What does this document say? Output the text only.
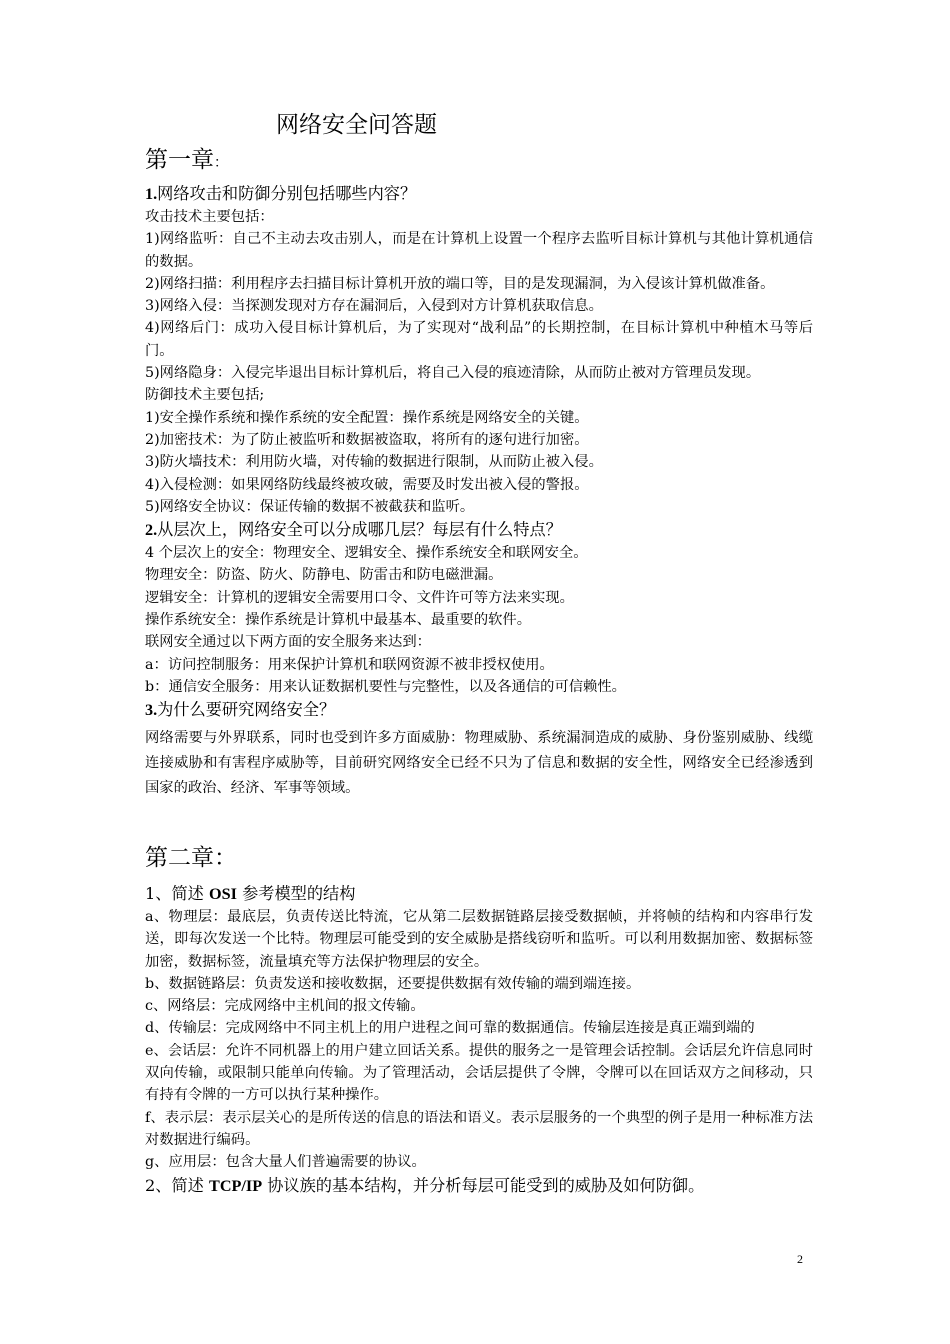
网络安全问答题
第一章：

1.网络攻击和防御分别包括哪些内容？

攻击技术主要包括：

1)网络监听：自己不主动去攻击别人，而是在计算机上设置一个程序去监听目标计算机与其他计算机通信的数据。

2)网络扫描：利用程序去扫描目标计算机开放的端口等，目的是发现漏洞，为入侵该计算机做准备。

3)网络入侵：当探测发现对方存在漏洞后，入侵到对方计算机获取信息。

4)网络后门：成功入侵目标计算机后，为了实现对“战利品”的长期控制，在目标计算机中种植木马等后门。

5)网络隐身：入侵完毕退出目标计算机后，将自己入侵的痕迹清除，从而防止被对方管理员发现。

防御技术主要包括;

1)安全操作系统和操作系统的安全配置：操作系统是网络安全的关键。

2)加密技术：为了防止被监听和数据被盗取，将所有的逐句进行加密。

3)防火墙技术：利用防火墙，对传输的数据进行限制，从而防止被入侵。

4)入侵检测：如果网络防线最终被攻破，需要及时发出被入侵的警报。

5)网络安全协议：保证传输的数据不被截获和监听。

2.从层次上，网络安全可以分成哪几层？每层有什么特点？

4 个层次上的安全：物理安全、逻辑安全、操作系统安全和联网安全。

物理安全：防盗、防火、防静电、防雷击和防电磁泄漏。

逻辑安全：计算机的逻辑安全需要用口令、文件许可等方法来实现。

操作系统安全：操作系统是计算机中最基本、最重要的软件。

联网安全通过以下两方面的安全服务来达到：

a：访问控制服务：用来保护计算机和联网资源不被非授权使用。

b：通信安全服务：用来认证数据机要性与完整性，以及各通信的可信赖性。

3.为什么要研究网络安全？

网络需要与外界联系，同时也受到许多方面威胁：物理威胁、系统漏洞造成的威胁、身份鉴别威胁、线缆连接威胁和有害程序威胁等，目前研究网络安全已经不只为了信息和数据的安全性，网络安全已经渗透到国家的政治、经济、军事等领域。

第二章：

1、简述 OSI 参考模型的结构

a、物理层：最底层，负责传送比特流，它从第二层数据链路层接受数据帧，并将帧的结构和内容串行发送，即每次发送一个比特。物理层可能受到的安全威胁是搭线窃听和监听。可以利用数据加密、数据标签加密，数据标签，流量填充等方法保护物理层的安全。

b、数据链路层：负责发送和接收数据，还要提供数据有效传输的端到端连接。

c、网络层：完成网络中主机间的报文传输。

d、传输层：完成网络中不同主机上的用户进程之间可靠的数据通信。传输层连接是真正端到端的

e、会话层：允许不同机器上的用户建立回话关系。提供的服务之一是管理会话控制。会话层允许信息同时双向传输，或限制只能单向传输。为了管理活动，会话层提供了令牌，令牌可以在回话双方之间移动，只有持有令牌的一方可以执行某种操作。

f、表示层：表示层关心的是所传送的信息的语法和语义。表示层服务的一个典型的例子是用一种标准方法对数据进行编码。

g、应用层：包含大量人们普遍需要的协议。

2、简述 TCP/IP 协议族的基本结构，并分析每层可能受到的威胁及如何防御。

2
